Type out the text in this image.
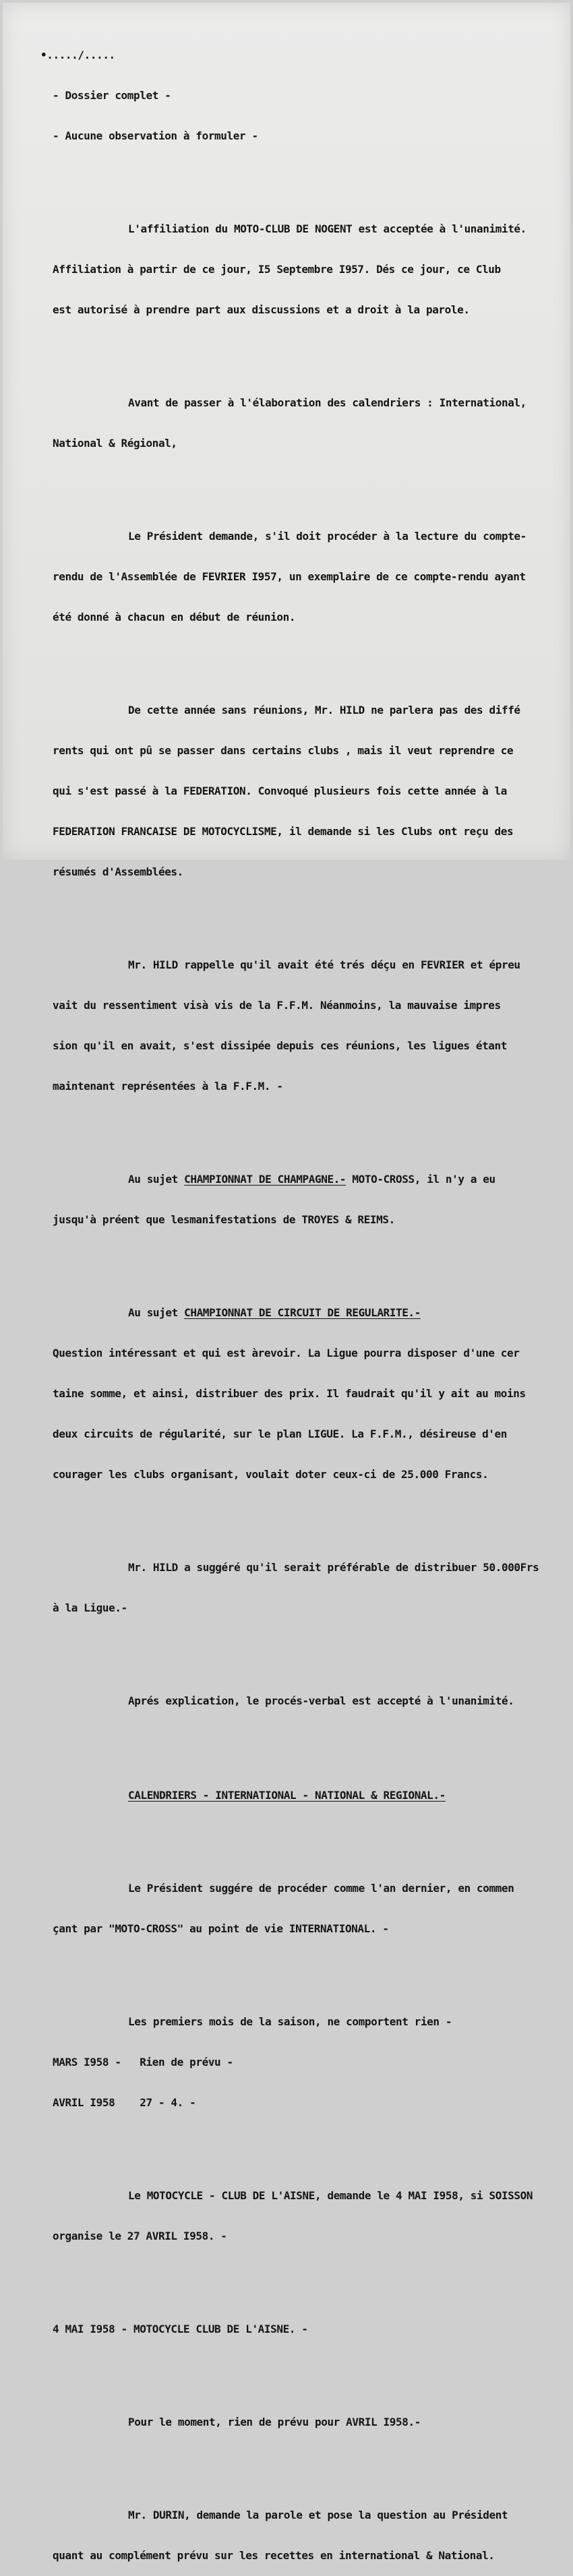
•...../.....

- Dossier complet -

- Aucune observation à formuler -

L'affiliation du MOTO-CLUB DE NOGENT est acceptée à l'unanimité.

Affiliation à partir de ce jour, I5 Septembre I957. Dés ce jour, ce Club

est autorisé à prendre part aux discussions et a droit à la parole.

Avant de passer à l'élaboration des calendriers : International,

National & Régional,

Le Président demande, s'il doit procéder à la lecture du compte-

rendu de l'Assemblée de FEVRIER I957, un exemplaire de ce compte-rendu ayant

été donné à chacun en début de réunion.

De cette année sans réunions, Mr. HILD ne parlera pas des diffé

rents qui ont pû se passer dans certains clubs , mais il veut reprendre ce

qui s'est passé à la FEDERATION. Convoqué plusieurs fois cette année à la

FEDERATION FRANCAISE DE MOTOCYCLISME, il demande si les Clubs ont reçu des

résumés d'Assemblées.

Mr. HILD rappelle qu'il avait été trés déçu en FEVRIER et épreu

vait du ressentiment visà vis de la F.F.M. Néanmoins, la mauvaise impres

sion qu'il en avait, s'est dissipée depuis ces réunions, les ligues étant

maintenant représentées à la F.F.M. -

Au sujet CHAMPIONNAT DE CHAMPAGNE.- MOTO-CROSS, il n'y a eu

jusqu'à préent que lesmanifestations de TROYES & REIMS.

Au sujet CHAMPIONNAT DE CIRCUIT DE REGULARITE.-

Question intéressant et qui est àrevoir. La Ligue pourra disposer d'une cer

taine somme, et ainsi, distribuer des prix. Il faudrait qu'il y ait au moins

deux circuits de régularité, sur le plan LIGUE. La F.F.M., désireuse d'en

courager les clubs organisant, voulait doter ceux-ci de 25.000 Francs.

Mr. HILD a suggéré qu'il serait préférable de distribuer 50.000Frs

à la Ligue.-

Aprés explication, le procés-verbal est accepté à l'unanimité.

CALENDRIERS - INTERNATIONAL - NATIONAL & REGIONAL.-

Le Président suggére de procéder comme l'an dernier, en commen

çant par "MOTO-CROSS" au point de vie INTERNATIONAL. -

Les premiers mois de la saison, ne comportent rien -

MARS I958 -   Rien de prévu -

AVRIL I958    27 - 4. -

Le MOTOCYCLE - CLUB DE L'AISNE, demande le 4 MAI I958, si SOISSON

organise le 27 AVRIL I958. -

4 MAI I958 - MOTOCYCLE CLUB DE L'AISNE. -

Pour le moment, rien de prévu pour AVRIL I958.-

Mr. DURIN, demande la parole et pose la question au Président

quant au complément prévu sur les recettes en international & National.
